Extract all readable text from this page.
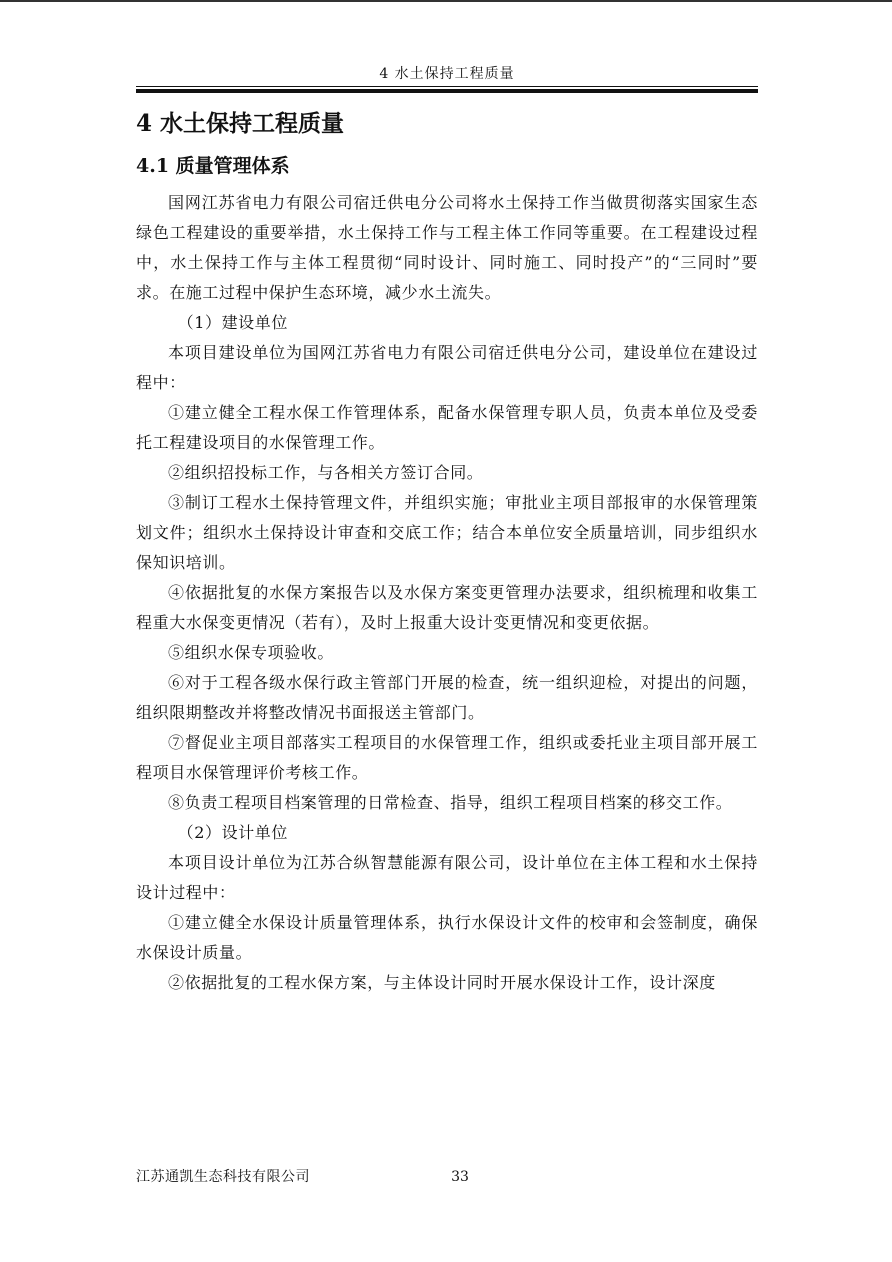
4 水土保持工程质量
4 水土保持工程质量
4.1 质量管理体系

国网江苏省电力有限公司宿迁供电分公司将水土保持工作当做贯彻落实国家生态绿色工程建设的重要举措，水土保持工作与工程主体工作同等重要。在工程建设过程中，水土保持工作与主体工程贯彻“同时设计、同时施工、同时投产”的“三同时”要求。在施工过程中保护生态环境，减少水土流失。

（1）建设单位

本项目建设单位为国网江苏省电力有限公司宿迁供电分公司，建设单位在建设过程中：

①建立健全工程水保工作管理体系，配备水保管理专职人员，负责本单位及受委托工程建设项目的水保管理工作。

②组织招投标工作，与各相关方签订合同。

③制订工程水土保持管理文件，并组织实施；审批业主项目部报审的水保管理策划文件；组织水土保持设计审查和交底工作；结合本单位安全质量培训，同步组织水保知识培训。

④依据批复的水保方案报告以及水保方案变更管理办法要求，组织梳理和收集工程重大水保变更情况（若有），及时上报重大设计变更情况和变更依据。

⑤组织水保专项验收。

⑥对于工程各级水保行政主管部门开展的检查，统一组织迎检，对提出的问题，组织限期整改并将整改情况书面报送主管部门。

⑦督促业主项目部落实工程项目的水保管理工作，组织或委托业主项目部开展工程项目水保管理评价考核工作。

⑧负责工程项目档案管理的日常检查、指导，组织工程项目档案的移交工作。

（2）设计单位

本项目设计单位为江苏合纵智慧能源有限公司，设计单位在主体工程和水土保持设计过程中：

①建立健全水保设计质量管理体系，执行水保设计文件的校审和会签制度，确保水保设计质量。

②依据批复的工程水保方案，与主体设计同时开展水保设计工作，设计深度

江苏通凯生态科技有限公司	33
